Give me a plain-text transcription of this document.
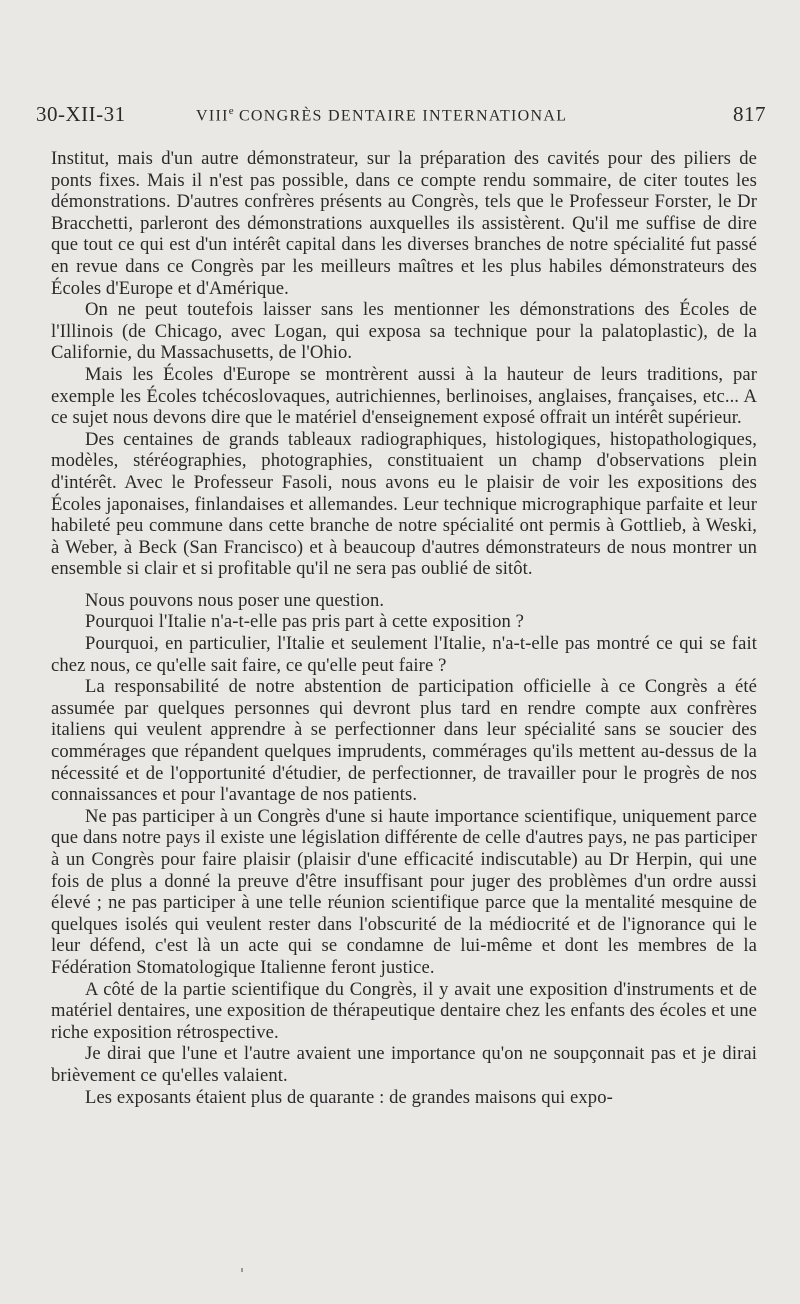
30-XII-31	VIIIe CONGRÈS DENTAIRE INTERNATIONAL	817

Institut, mais d'un autre démonstrateur, sur la préparation des cavités pour des piliers de ponts fixes. Mais il n'est pas possible, dans ce compte rendu sommaire, de citer toutes les démonstrations. D'autres confrères présents au Congrès, tels que le Professeur Forster, le Dr Bracchetti, parleront des démonstrations auxquelles ils assistèrent. Qu'il me suffise de dire que tout ce qui est d'un intérêt capital dans les diverses branches de notre spécialité fut passé en revue dans ce Congrès par les meilleurs maîtres et les plus habiles démonstrateurs des Écoles d'Europe et d'Amérique.

On ne peut toutefois laisser sans les mentionner les démonstrations des Écoles de l'Illinois (de Chicago, avec Logan, qui exposa sa technique pour la palatoplastic), de la Californie, du Massachusetts, de l'Ohio.

Mais les Écoles d'Europe se montrèrent aussi à la hauteur de leurs traditions, par exemple les Écoles tchécoslovaques, autrichiennes, berlinoises, anglaises, françaises, etc... A ce sujet nous devons dire que le matériel d'enseignement exposé offrait un intérêt supérieur.

Des centaines de grands tableaux radiographiques, histologiques, histopathologiques, modèles, stéréographies, photographies, constituaient un champ d'observations plein d'intérêt. Avec le Professeur Fasoli, nous avons eu le plaisir de voir les expositions des Écoles japonaises, finlandaises et allemandes. Leur technique micrographique parfaite et leur habileté peu commune dans cette branche de notre spécialité ont permis à Gottlieb, à Weski, à Weber, à Beck (San Francisco) et à beaucoup d'autres démonstrateurs de nous montrer un ensemble si clair et si profitable qu'il ne sera pas oublié de sitôt.

Nous pouvons nous poser une question.

Pourquoi l'Italie n'a-t-elle pas pris part à cette exposition ?

Pourquoi, en particulier, l'Italie et seulement l'Italie, n'a-t-elle pas montré ce qui se fait chez nous, ce qu'elle sait faire, ce qu'elle peut faire ?

La responsabilité de notre abstention de participation officielle à ce Congrès a été assumée par quelques personnes qui devront plus tard en rendre compte aux confrères italiens qui veulent apprendre à se perfectionner dans leur spécialité sans se soucier des commérages que répandent quelques imprudents, commérages qu'ils mettent au-dessus de la nécessité et de l'opportunité d'étudier, de perfectionner, de travailler pour le progrès de nos connaissances et pour l'avantage de nos patients.

Ne pas participer à un Congrès d'une si haute importance scientifique, uniquement parce que dans notre pays il existe une législation différente de celle d'autres pays, ne pas participer à un Congrès pour faire plaisir (plaisir d'une efficacité indiscutable) au Dr Herpin, qui une fois de plus a donné la preuve d'être insuffisant pour juger des problèmes d'un ordre aussi élevé ; ne pas participer à une telle réunion scientifique parce que la mentalité mesquine de quelques isolés qui veulent rester dans l'obscurité de la médiocrité et de l'ignorance qui le leur défend, c'est là un acte qui se condamne de lui-même et dont les membres de la Fédération Stomatologique Italienne feront justice.

A côté de la partie scientifique du Congrès, il y avait une exposition d'instruments et de matériel dentaires, une exposition de thérapeutique dentaire chez les enfants des écoles et une riche exposition rétrospective.

Je dirai que l'une et l'autre avaient une importance qu'on ne soupçonnait pas et je dirai brièvement ce qu'elles valaient.

Les exposants étaient plus de quarante : de grandes maisons qui expo-
